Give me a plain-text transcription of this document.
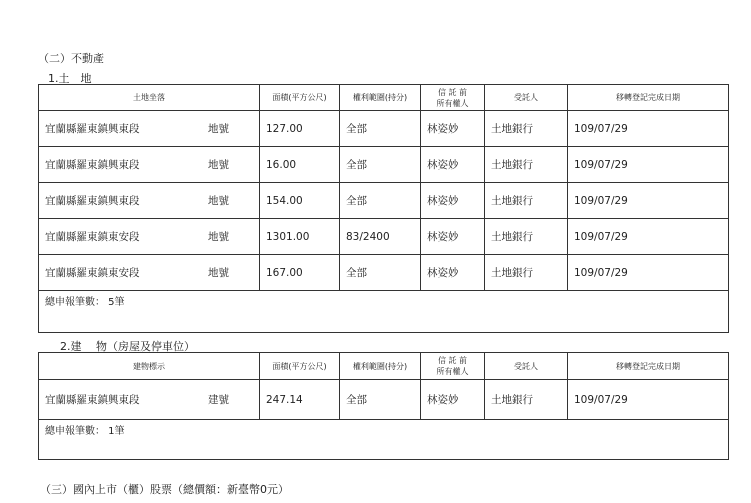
（二）不動產
1.土　地
土地坐落	面積(平方公尺)	權利範圍(持分)	信 託 前
所有權人	受託人	移轉登記完成日期

宜蘭縣羅東鎮興東段 地號	127.00	全部	林姿妙	土地銀行	109/07/29

宜蘭縣羅東鎮興東段 地號	16.00	全部	林姿妙	土地銀行	109/07/29

宜蘭縣羅東鎮興東段 地號	154.00	全部	林姿妙	土地銀行	109/07/29

宜蘭縣羅東鎮東安段 地號	1301.00	83/2400	林姿妙	土地銀行	109/07/29

宜蘭縣羅東鎮東安段 地號	167.00	全部	林姿妙	土地銀行	109/07/29
總申報筆數： 5筆					
2.建　 物（房屋及停車位）
建物標示	面積(平方公尺)	權利範圍(持分)	信 託 前
所有權人	受託人	移轉登記完成日期

宜蘭縣羅東鎮興東段 建號	247.14	全部	林姿妙	土地銀行	109/07/29
總申報筆數： 1筆					
（三）國內上市（櫃）股票（總價額：新臺幣0元）
